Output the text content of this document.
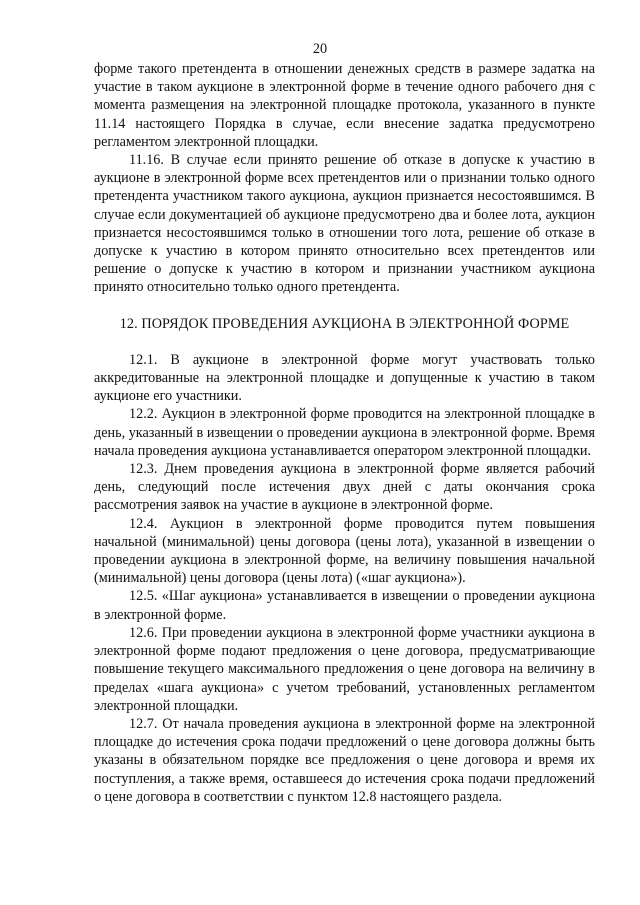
20

форме такого претендента в отношении денежных средств в размере задатка на участие в таком аукционе в электронной форме в течение одного рабочего дня с момента размещения на электронной площадке протокола, указанного в пункте 11.14 настоящего Порядка в случае, если внесение задатка предусмотрено регламентом электронной площадки.

11.16. В случае если принято решение об отказе в допуске к участию в аукционе в электронной форме всех претендентов или о признании только одного претендента участником такого аукциона, аукцион признается несостоявшимся. В случае если документацией об аукционе предусмотрено два и более лота, аукцион признается несостоявшимся только в отношении того лота, решение об отказе в допуске к участию в котором принято относительно всех претендентов или решение о допуске к участию в котором и признании участником аукциона принято относительно только одного претендента.

12. ПОРЯДОК ПРОВЕДЕНИЯ АУКЦИОНА В ЭЛЕКТРОННОЙ ФОРМЕ

12.1. В аукционе в электронной форме могут участвовать только аккредитованные на электронной площадке и допущенные к участию в таком аукционе его участники.

12.2. Аукцион в электронной форме проводится на электронной площадке в день, указанный в извещении о проведении аукциона в электронной форме. Время начала проведения аукциона устанавливается оператором электронной площадки.

12.3. Днем проведения аукциона в электронной форме является рабочий день, следующий после истечения двух дней с даты окончания срока рассмотрения заявок на участие в аукционе в электронной форме.

12.4. Аукцион в электронной форме проводится путем повышения начальной (минимальной) цены договора (цены лота), указанной в извещении о проведении аукциона в электронной форме, на величину повышения начальной (минимальной) цены договора (цены лота) («шаг аукциона»).

12.5. «Шаг аукциона» устанавливается в извещении о проведении аукциона в электронной форме.

12.6. При проведении аукциона в электронной форме участники аукциона в электронной форме подают предложения о цене договора, предусматривающие повышение текущего максимального предложения о цене договора на величину в пределах «шага аукциона» с учетом требований, установленных регламентом электронной площадки.

12.7. От начала проведения аукциона в электронной форме на электронной площадке до истечения срока подачи предложений о цене договора должны быть указаны в обязательном порядке все предложения о цене договора и время их поступления, а также время, оставшееся до истечения срока подачи предложений о цене договора в соответствии с пунктом 12.8 настоящего раздела.
